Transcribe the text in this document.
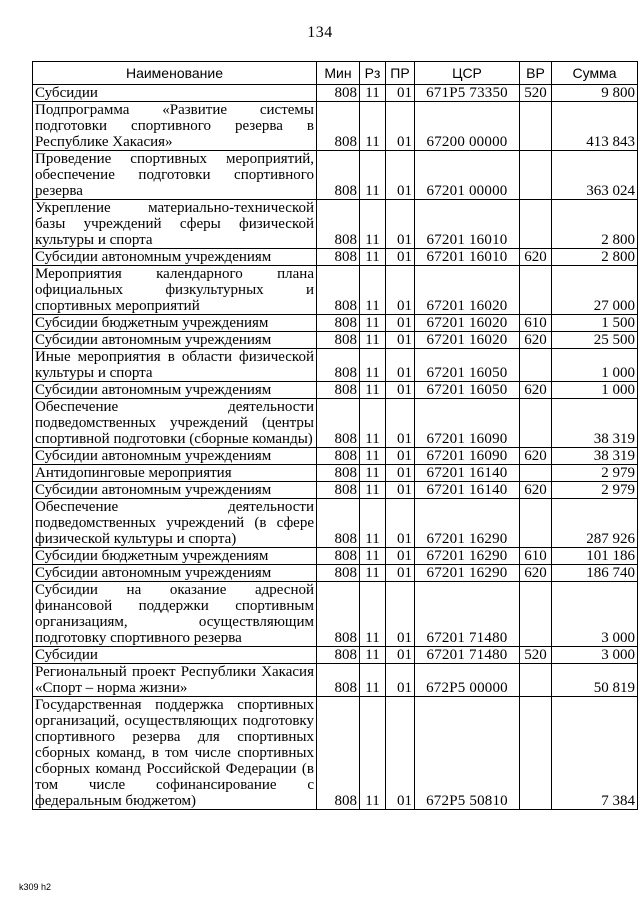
134
Наименование	Мин	Рз	ПР	ЦСР	ВР	Сумма
Субсидии	808	11	01	671P5 73350	520	9 800
Подпрограмма «Развитие системы подготовки спортивного резерва в Республике Хакасия»	808	11	01	67200 00000		413 843
Проведение спортивных мероприятий, обеспечение подготовки спортивного резерва	808	11	01	67201 00000		363 024
Укрепление материально-технической базы учреждений сферы физической культуры и спорта	808	11	01	67201 16010		2 800
Субсидии автономным учреждениям	808	11	01	67201 16010	620	2 800
Мероприятия календарного плана официальных физкультурных и спортивных мероприятий	808	11	01	67201 16020		27 000
Субсидии бюджетным учреждениям	808	11	01	67201 16020	610	1 500
Субсидии автономным учреждениям	808	11	01	67201 16020	620	25 500
Иные мероприятия в области физической культуры и спорта	808	11	01	67201 16050		1 000
Субсидии автономным учреждениям	808	11	01	67201 16050	620	1 000
Обеспечение деятельности подведомственных учреждений (центры спортивной подготовки (сборные команды)	808	11	01	67201 16090		38 319
Субсидии автономным учреждениям	808	11	01	67201 16090	620	38 319
Антидопинговые мероприятия	808	11	01	67201 16140		2 979
Субсидии автономным учреждениям	808	11	01	67201 16140	620	2 979
Обеспечение деятельности подведомственных учреждений (в сфере физической культуры и спорта)	808	11	01	67201 16290		287 926
Субсидии бюджетным учреждениям	808	11	01	67201 16290	610	101 186
Субсидии автономным учреждениям	808	11	01	67201 16290	620	186 740
Субсидии на оказание адресной финансовой поддержки спортивным организациям, осуществляющим подготовку спортивного резерва	808	11	01	67201 71480		3 000
Субсидии	808	11	01	67201 71480	520	3 000
Региональный проект Республики Хакасия «Спорт – норма жизни»	808	11	01	672P5 00000		50 819
Государственная поддержка спортивных организаций, осуществляющих подготовку спортивного резерва для спортивных сборных команд, в том числе спортивных сборных команд Российской Федерации (в том числе софинансирование с федеральным бюджетом)	808	11	01	672P5 50810		7 384
k309 h2
